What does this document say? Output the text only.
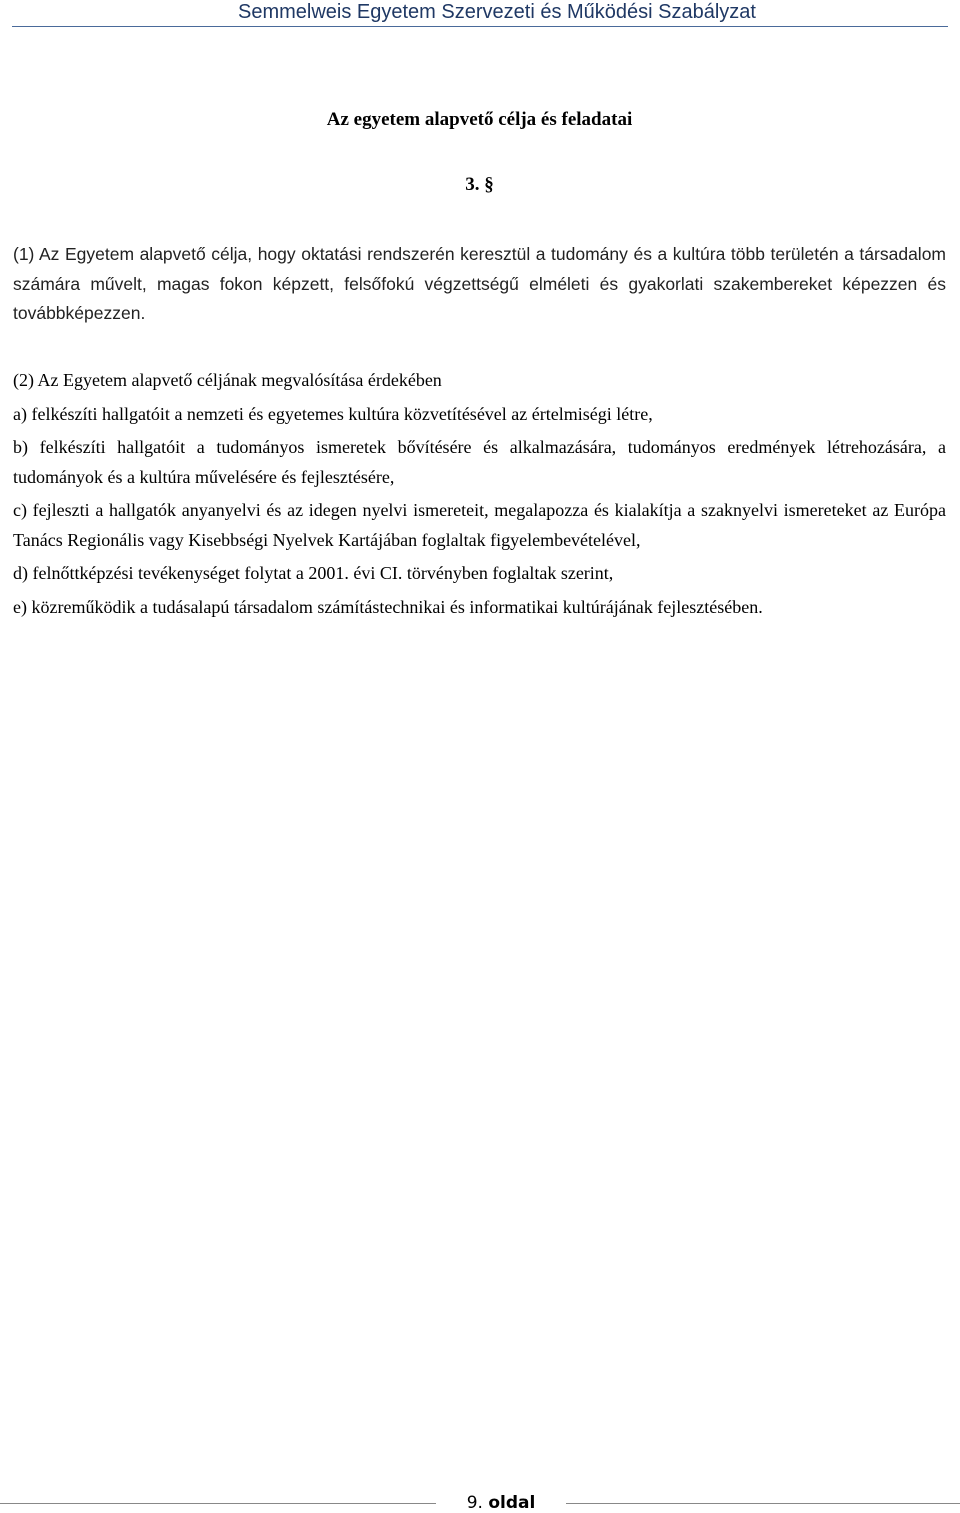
Semmelweis Egyetem Szervezeti és Működési Szabályzat
Az egyetem alapvető célja és feladatai
3. §
(1) Az Egyetem alapvető célja, hogy oktatási rendszerén keresztül a tudomány és a kultúra több területén a társadalom számára művelt, magas fokon képzett, felsőfokú végzettségű elméleti és gyakorlati szakembereket képezzen és továbbképezzen.

(2) Az Egyetem alapvető céljának megvalósítása érdekében

a) felkészíti hallgatóit a nemzeti és egyetemes kultúra közvetítésével az értelmiségi létre,

b) felkészíti hallgatóit a tudományos ismeretek bővítésére és alkalmazására, tudományos eredmények létrehozására, a tudományok és a kultúra művelésére és fejlesztésére,

c) fejleszti a hallgatók anyanyelvi és az idegen nyelvi ismereteit, megalapozza és kialakítja a szaknyelvi ismereteket az Európa Tanács Regionális vagy Kisebbségi Nyelvek Kartájában foglaltak figyelembevételével,

d) felnőttképzési tevékenységet folytat a 2001. évi CI. törvényben foglaltak szerint,

e) közreműködik a tudásalapú társadalom számítástechnikai és informatikai kultúrájának fejlesztésében.

9. oldal
